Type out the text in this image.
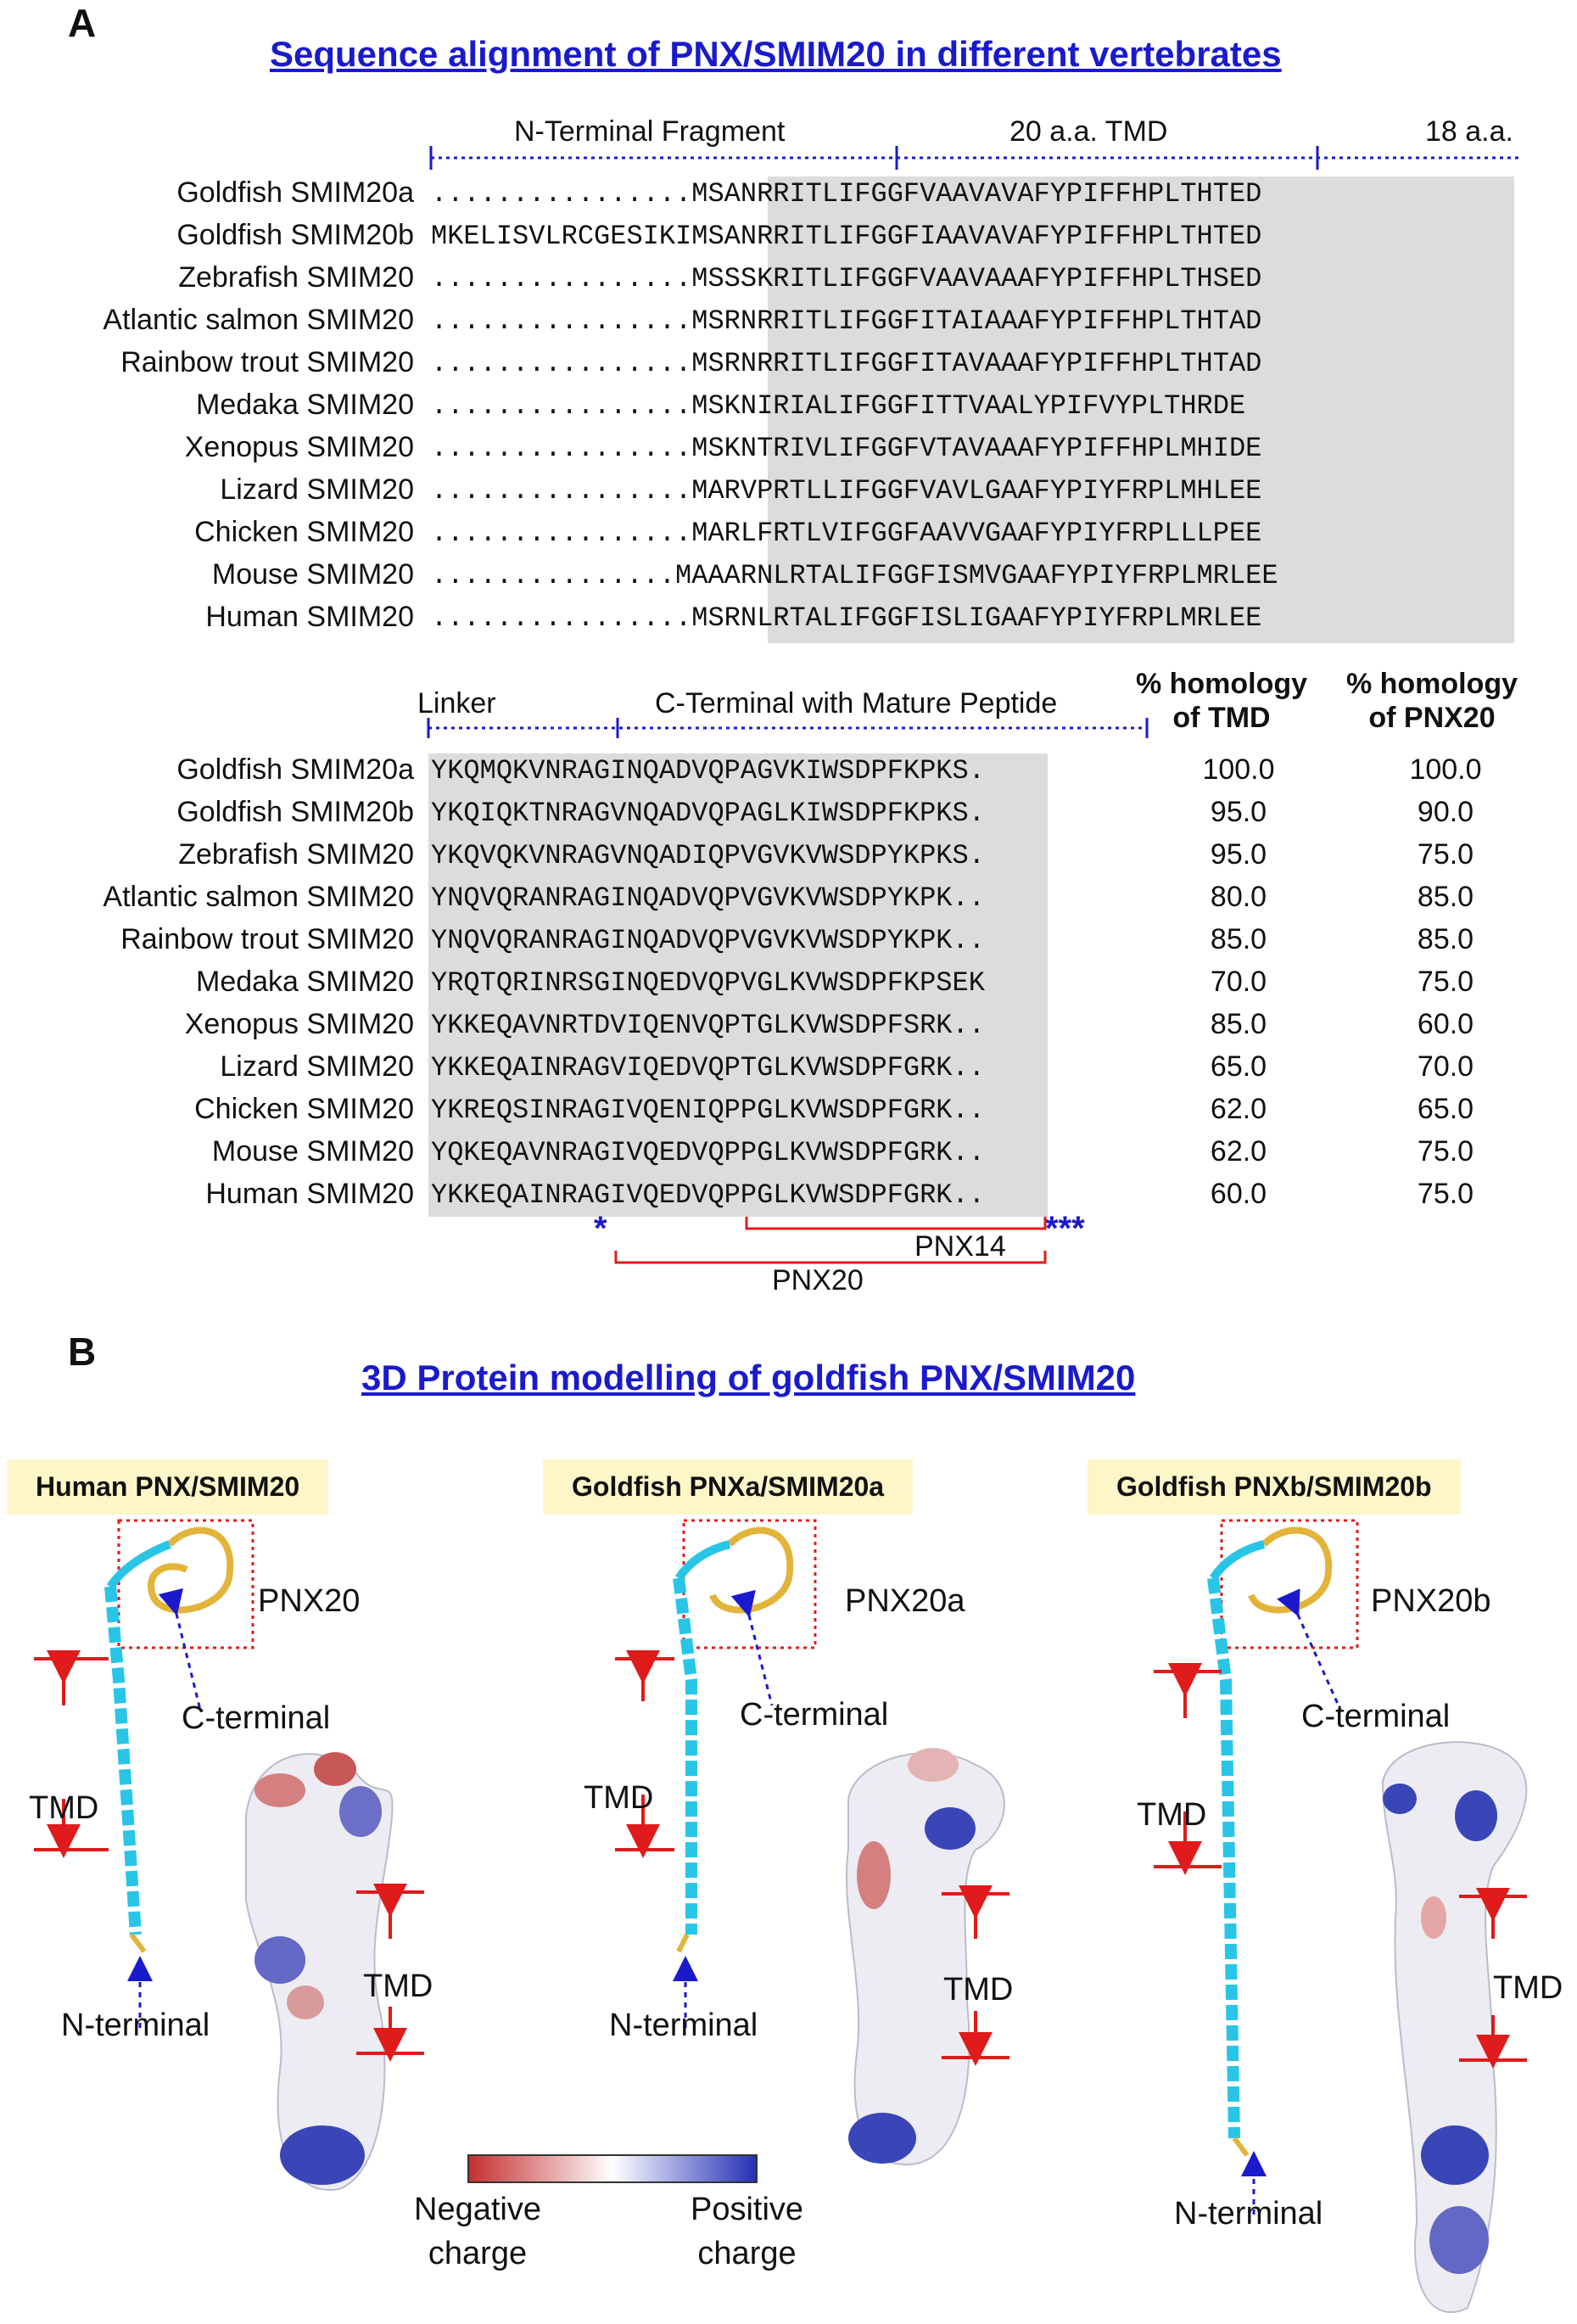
A
Sequence alignment of PNX/SMIM20 in different vertebrates
N-Terminal Fragment	20 a.a. TMD	18 a.a.
Goldfish SMIM20a ................MSANRRITLIFGGFVAAVAVAFYPIFFHPLTHTED
Goldfish SMIM20b MKELISVLRCGESIKIMSANRRITLIFGGFIAAVAVAFYPIFFHPLTHTED
Zebrafish SMIM20 ................MSSSKRITLIFGGFVAAVAAAFYPIFFHPLTHSED
Atlantic salmon SMIM20 ................MSRNRRITLIFGGFITAIAAAFYPIFFHPLTHTAD
Rainbow trout SMIM20 ................MSRNRRITLIFGGFITAVAAAFYPIFFHPLTHTAD
Medaka SMIM20 ................MSKNIRIALIFGGFITTVAALYPIFVYPLTHRDE
Xenopus SMIM20 ................MSKNTRIVLIFGGFVTAVAAAFYPIFFHPLMHIDE
Lizard SMIM20 ................MARVPRTLLIFGGFVAVLGAAFYPIYFRPLMHLEE
Chicken SMIM20 ................MARLFRTLVIFGGFAAVVGAAFYPIYFRPLLLPEE
Mouse SMIM20 ...............MAAARNLRTALIFGGFISMVGAAFYPIYFRPLMRLEE
Human SMIM20 ................MSRNLRTALIFGGFISLIGAAFYPIYFRPLMRLEE
Linker	C-Terminal with Mature Peptide
% homology
of TMD
% homology
of PNX20
Goldfish SMIM20a YKQMQKVNRAGINQADVQPAGVKIWSDPFKPKS.	100.0	100.0
Goldfish SMIM20b YKQIQKTNRAGVNQADVQPAGLKIWSDPFKPKS.	95.0	90.0
Zebrafish SMIM20 YKQVQKVNRAGVNQADIQPVGVKVWSDPYKPKS.	95.0	75.0
Atlantic salmon SMIM20 YNQVQRANRAGINQADVQPVGVKVWSDPYKPK..	80.0	85.0
Rainbow trout SMIM20 YNQVQRANRAGINQADVQPVGVKVWSDPYKPK..	85.0	85.0
Medaka SMIM20 YRQTQRINRSGINQEDVQPVGLKVWSDPFKPSEK	70.0	75.0
Xenopus SMIM20 YKKEQAVNRTDVIQENVQPTGLKVWSDPFSRK..	85.0	60.0
Lizard SMIM20 YKKEQAINRAGVIQEDVQPTGLKVWSDPFGRK..	65.0	70.0
Chicken SMIM20 YKREQSINRAGIVQENIQPPGLKVWSDPFGRK..	62.0	65.0
Mouse SMIM20 YQKEQAVNRAGIVQEDVQPPGLKVWSDPFGRK..	62.0	75.0
Human SMIM20 YKKEQAINRAGIVQEDVQPPGLKVWSDPFGRK..	60.0	75.0
*	***
PNX14
PNX20
B
3D Protein modelling of goldfish PNX/SMIM20
Human PNX/SMIM20	Goldfish PNXa/SMIM20a	Goldfish PNXb/SMIM20b
PNX20	PNX20a	PNX20b
C-terminal	C-terminal	C-terminal
TMD	TMD	TMD
TMD	TMD	TMD
N-terminal	N-terminal
N-terminal
Negative
charge
Positive
charge
